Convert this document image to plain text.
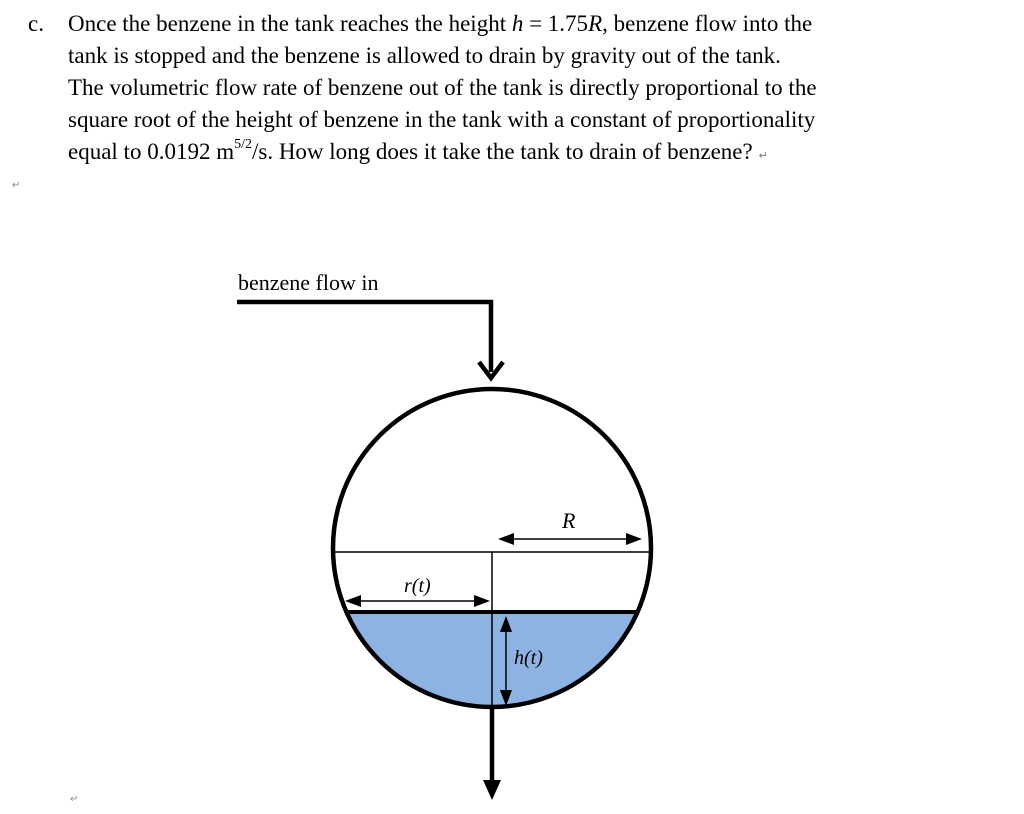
c. Once the benzene in the tank reaches the height h = 1.75R, benzene flow into the
tank is stopped and the benzene is allowed to drain by gravity out of the tank.
The volumetric flow rate of benzene out of the tank is directly proportional to the
square root of the height of benzene in the tank with a constant of proportionality
equal to 0.0192 $m^{5/2}/s$. How long does it take the tank to drain of benzene? ↵
↵
↵
benzene flow in
R
r(t)
h(t)
